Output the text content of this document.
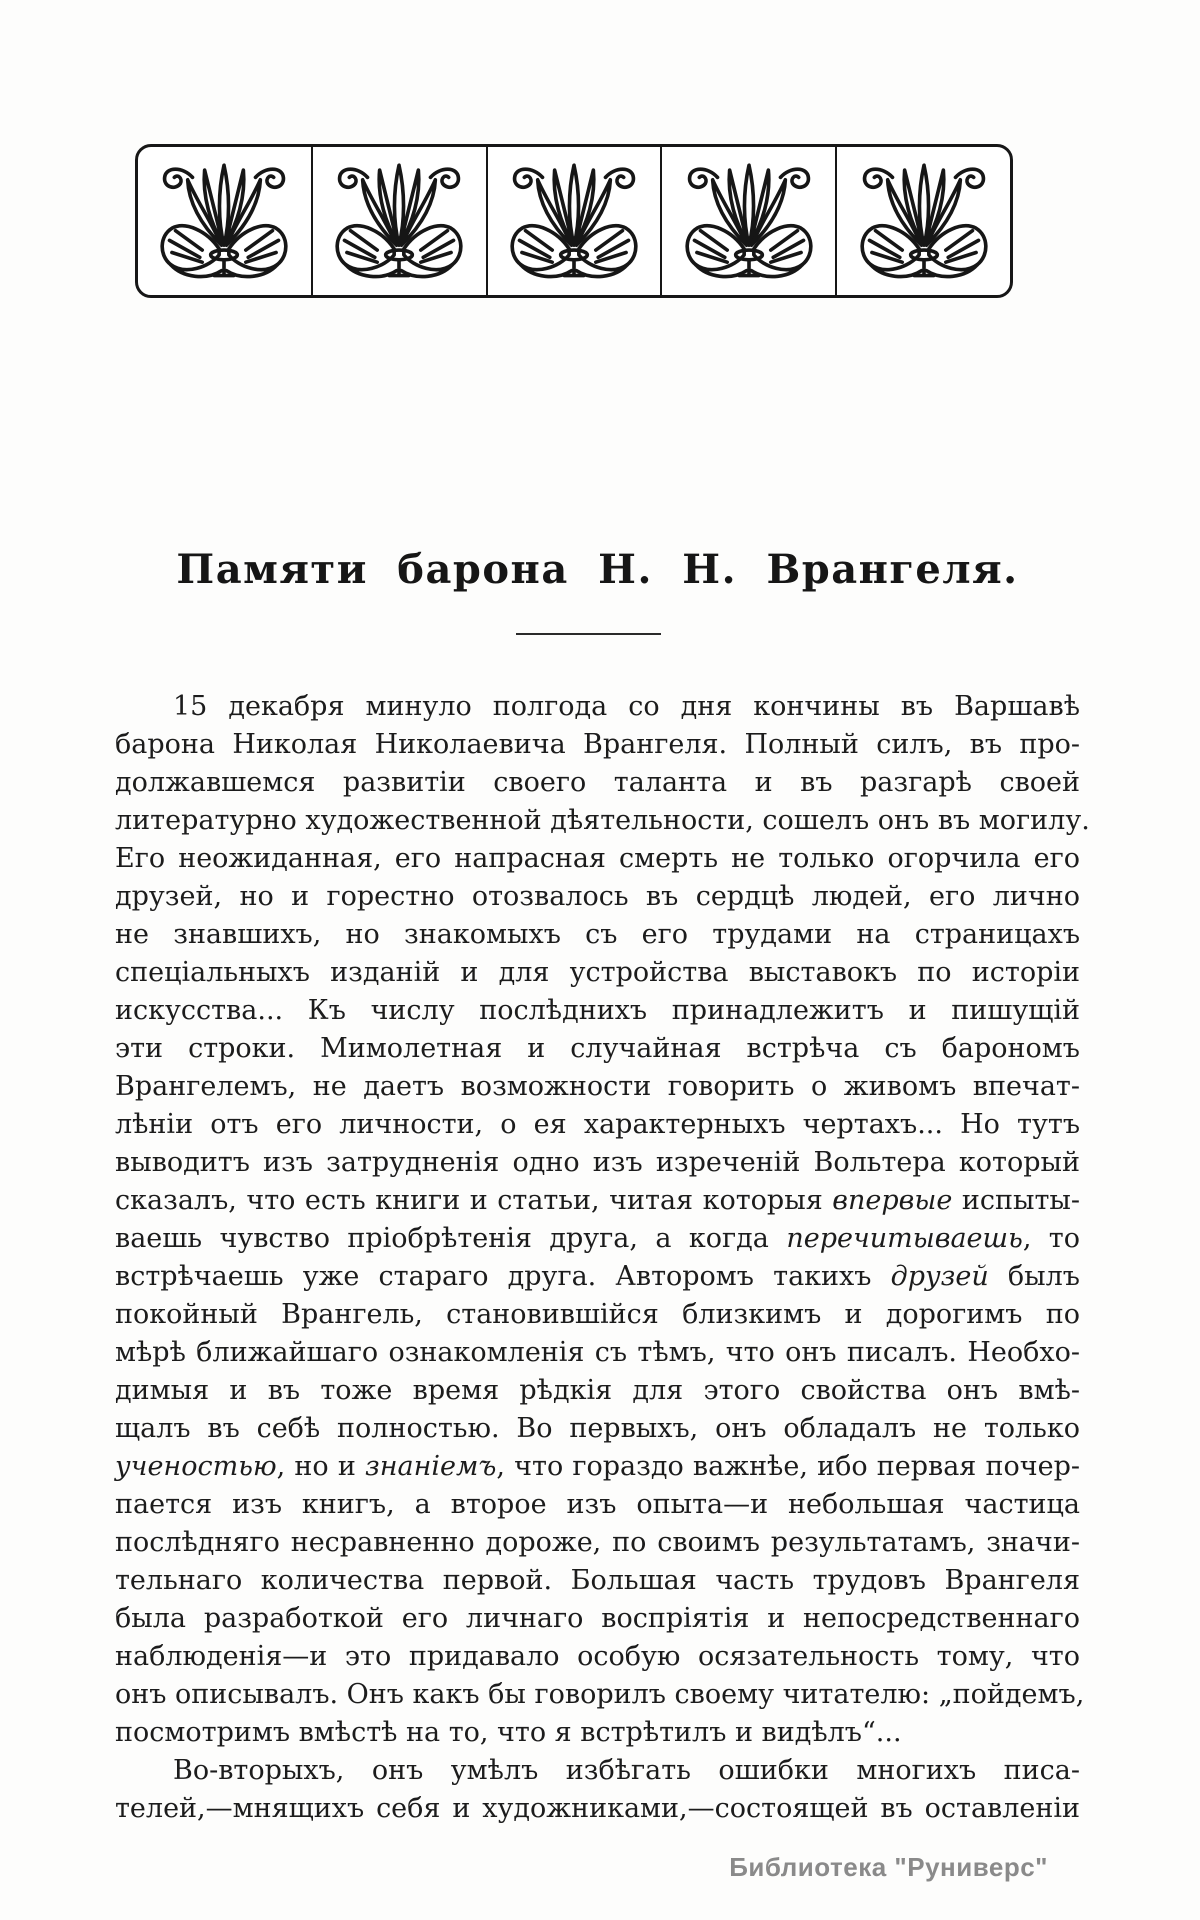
Памяти барона Н. Н. Врангеля.
15 декабря минуло полгода со дня кончины въ Варшавѣ
барона Николая Николаевича Врангеля. Полный силъ, въ про-
должавшемся развитіи своего таланта и въ разгарѣ своей
литературно художественной дѣятельности, сошелъ онъ въ могилу.
Его неожиданная, его напрасная смерть не только огорчила его
друзей, но и горестно отозвалось въ сердцѣ людей, его лично
не знавшихъ, но знакомыхъ съ его трудами на страницахъ
спеціальныхъ изданій и для устройства выставокъ по исторіи
искусства... Къ числу послѣднихъ принадлежитъ и пишущій
эти строки. Мимолетная и случайная встрѣча съ барономъ
Врангелемъ, не даетъ возможности говорить о живомъ впечат-
лѣніи отъ его личности, о ея характерныхъ чертахъ... Но тутъ
выводитъ изъ затрудненія одно изъ изреченій Вольтера который
сказалъ, что есть книги и статьи, читая которыя впервые испыты-
ваешь чувство пріобрѣтенія друга, а когда перечитываешь, то
встрѣчаешь уже стараго друга. Авторомъ такихъ друзей былъ
покойный Врангель, становившійся близкимъ и дорогимъ по
мѣрѣ ближайшаго ознакомленія съ тѣмъ, что онъ писалъ. Необхо-
димыя и въ тоже время рѣдкія для этого свойства онъ вмѣ-
щалъ въ себѣ полностью. Во первыхъ, онъ обладалъ не только
ученостью, но и знаніемъ, что гораздо важнѣе, ибо первая почер-
пается изъ книгъ, а второе изъ опыта—и небольшая частица
послѣдняго несравненно дороже, по своимъ результатамъ, значи-
тельнаго количества первой. Большая часть трудовъ Врангеля
была разработкой его личнаго воспріятія и непосредственнаго
наблюденія—и это придавало особую осязательность тому, что
онъ описывалъ. Онъ какъ бы говорилъ своему читателю: „пойдемъ,
посмотримъ вмѣстѣ на то, что я встрѣтилъ и видѣлъ“...
Во-вторыхъ, онъ умѣлъ избѣгать ошибки многихъ писа-
телей,—мнящихъ себя и художниками,—состоящей въ оставленіи
Библиотека "Руниверс"
